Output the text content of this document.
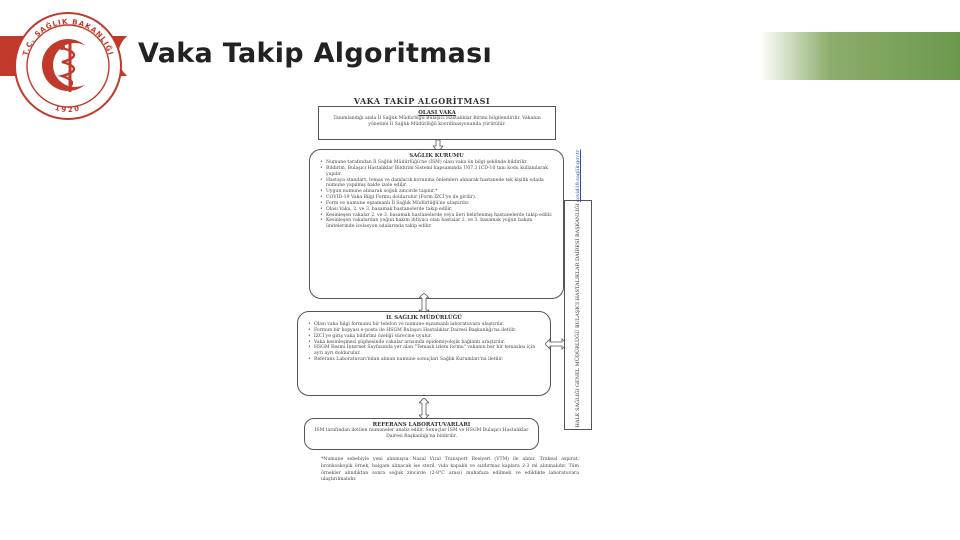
Vaka Takip Algoritması
T.C. SAĞLIK BAKANLIĞI
1920
VAKA TAKİP ALGORİTMASI
OLASI VAKA
Tanımlandığı anda İl Sağlık Müdürlüğü Bulaşıcı Hastalıklar Birimi bilgilendirilir. Vakanın yönetimi İl Sağlık Müdürlüğü koordinasyonunda yürütülür.
SAĞLIK KURUMU
• Numune tarafından İl Sağlık Müdürlüğü'ne (İSM) olası vaka ön bilgi şeklinde bildirilir.
• Bildirim, Bulaşıcı Hastalıklar Bildirim Sistemi kapsamında U07.3 ICD-10 tanı kodu kullanılarak yapılır.
• Hastaya standart, temas ve damlacık korunma önlemleri alınarak hastanede tek kişilik odada numune yapılmış halde izole edilir.
• Uygun numune alınarak soğuk zincirde taşınır.*
• COVID-19 Vaka Bilgi Formu doldurulur (Form İZCİ'ye de girilir).
• Form ve numune eşzamanlı İl Sağlık Müdürlüğü'ne ulaştırılır.
• Olası Vaka, 2. ve 3. basamak hastanelerde takip edilir.
• Kesinleşen vakalar 2. ve 3. basamak hastanelerde veya ileri belirlenmiş hastanelerde takip edilir.
• Kesinleşen vakalardan yoğun bakım ihtiyacı olan hastalar 2. ve 3. basamak yoğun bakım ünitelerinde izolasyon odalarında takip edilir.
İL SAĞLIK MÜDÜRLÜĞÜ
• Olası vaka bilgi formunu bir telefon ve numune eşzamanlı laboratuvara ulaştırılır.
• Formun bir kopyası e-posta ile HSGM Bulaşıcı Hastalıklar Dairesi Başkanlığı'na iletilir.
• İZCİ'ye giriş vaka bildirimi özeliği sürecine uyulur.
• Vaka kesinleşmesi şüphesinde vakalar arasında epidemiyolojik bağlantı araştırılır.
• HSGM Resmi İnternet Sayfasında yer alan "Temaslı izlem formu" vakanın her bir temaslısı için ayrı ayrı doldurulur.
• Referans Laboratuvarı'ndan alınan numune sonuçları Sağlık Kurumları'na iletilir.
REFERANS LABORATUVARLARI
İSM tarafından iletilen numuneler analiz edilir. Sonuçlar İSM ve HSGM Bulaşıcı Hastalıklar Dairesi Başkanlığı'na bildirilir.
HALK SAĞLIĞI GENEL MÜDÜRLÜĞÜ BULAŞICI HASTALIKLAR DAİRESİ BAŞKANLIĞI covid19.saglik.gov.tr
*Numune sebebiyle yeni alınmışsa Nazal Viral Transport Besiyeri (VTM) ile alınır. Trakeal aspirat, bronkoskopik örnek, balgam alınacak ise steril, vida kapaklı ve sızdırmaz kaplara 2-3 ml alınmalıdır. Tüm örnekler alındıktan sonra soğuk zincirde (2-8°C arası) muhafaza edilmeli ve edildikte laboratuvara ulaştırılmalıdır.
